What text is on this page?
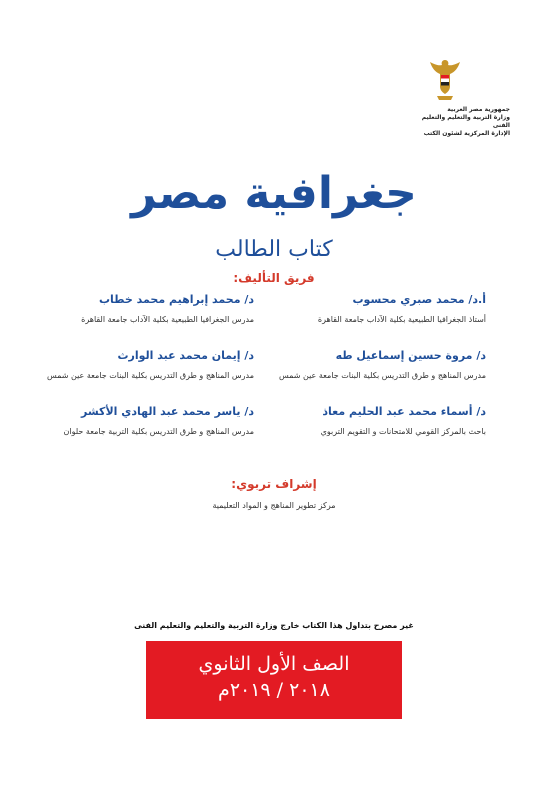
جمهورية مصر العربية
وزارة التربية والتعليم والتعليم الفنى
الإدارة المركزية لشئون الكتب
جغرافية مصر
كتاب الطالب
فريق التأليف:
أ.د/ محمد صبري محسوب
أستاذ الجغرافيا الطبيعية بكلية الآداب جامعة القاهرة
د/ محمد إبراهيم محمد خطاب
مدرس الجغرافيا الطبيعية بكلية الآداب جامعة القاهرة
د/ مروة حسين إسماعيل طه
مدرس المناهج و طرق التدريس بكلية البنات جامعة عين شمس
د/ إيمان محمد عبد الوارث
مدرس المناهج و طرق التدريس بكلية البنات جامعة عين شمس
د/ أسماء محمد عبد الحليم معاذ
باحث بالمركز القومي للامتحانات و التقويم التربوي
د/ ياسر محمد عبد الهادي الأكشر
مدرس المناهج و طرق التدريس بكلية التربية جامعة حلوان
إشراف تربوي:
مركز تطوير المناهج و المواد التعليمية
غير مصرح بتداول هذا الكتاب خارج وزارة التربية والتعليم والتعليم الفنى
الصف الأول الثانوي
٢٠١٨ / ٢٠١٩م
